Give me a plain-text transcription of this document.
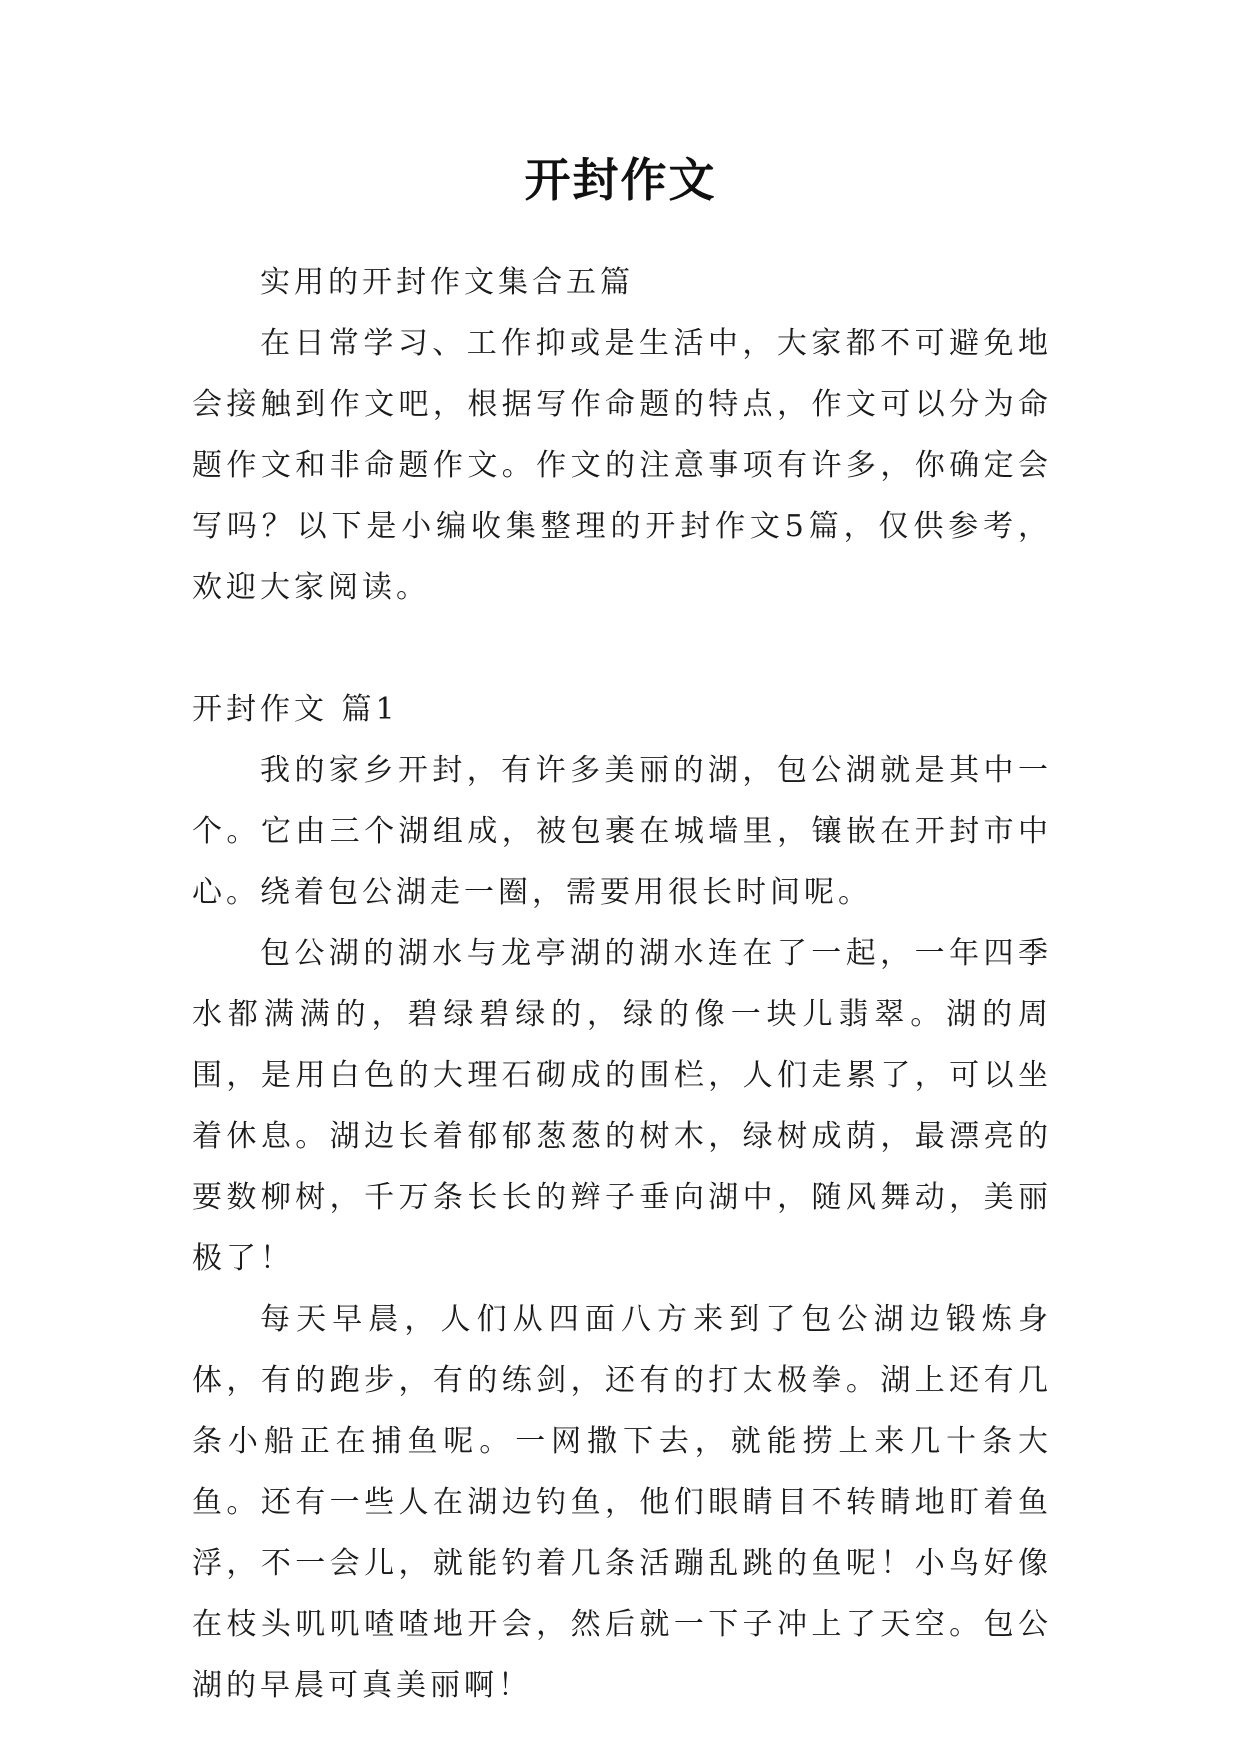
开封作文

实用的开封作文集合五篇

在日常学习、工作抑或是生活中，大家都不可避免地会接触到作文吧，根据写作命题的特点，作文可以分为命题作文和非命题作文。作文的注意事项有许多，你确定会写吗？以下是小编收集整理的开封作文5篇，仅供参考，欢迎大家阅读。

开封作文 篇1

我的家乡开封，有许多美丽的湖，包公湖就是其中一个。它由三个湖组成，被包裹在城墙里，镶嵌在开封市中心。绕着包公湖走一圈，需要用很长时间呢。

包公湖的湖水与龙亭湖的湖水连在了一起，一年四季水都满满的，碧绿碧绿的，绿的像一块儿翡翠。湖的周围，是用白色的大理石砌成的围栏，人们走累了，可以坐着休息。湖边长着郁郁葱葱的树木，绿树成荫，最漂亮的要数柳树，千万条长长的辫子垂向湖中，随风舞动，美丽极了！

每天早晨，人们从四面八方来到了包公湖边锻炼身体，有的跑步，有的练剑，还有的打太极拳。湖上还有几条小船正在捕鱼呢。一网撒下去，就能捞上来几十条大鱼。还有一些人在湖边钓鱼，他们眼睛目不转睛地盯着鱼浮，不一会儿，就能钓着几条活蹦乱跳的鱼呢！小鸟好像在枝头叽叽喳喳地开会，然后就一下子冲上了天空。包公湖的早晨可真美丽啊！
